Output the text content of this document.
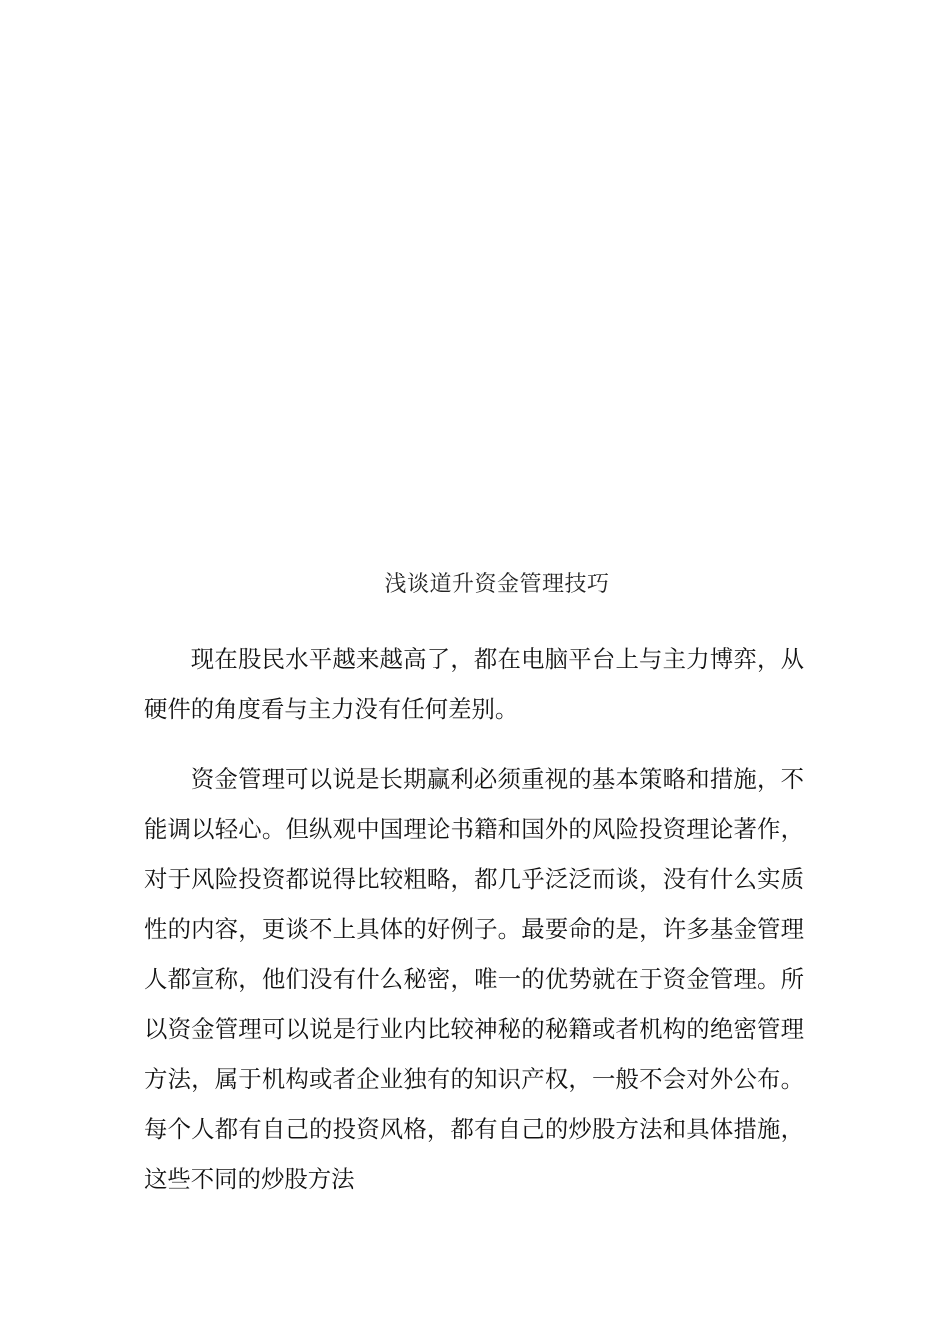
浅谈道升资金管理技巧

现在股民水平越来越高了，都在电脑平台上与主力博弈，从硬件的角度看与主力没有任何差别。

资金管理可以说是长期赢利必须重视的基本策略和措施，不能调以轻心。但纵观中国理论书籍和国外的风险投资理论著作，对于风险投资都说得比较粗略，都几乎泛泛而谈，没有什么实质性的内容，更谈不上具体的好例子。最要命的是，许多基金管理人都宣称，他们没有什么秘密，唯一的优势就在于资金管理。所以资金管理可以说是行业内比较神秘的秘籍或者机构的绝密管理方法，属于机构或者企业独有的知识产权，一般不会对外公布。每个人都有自己的投资风格，都有自己的炒股方法和具体措施，这些不同的炒股方法
